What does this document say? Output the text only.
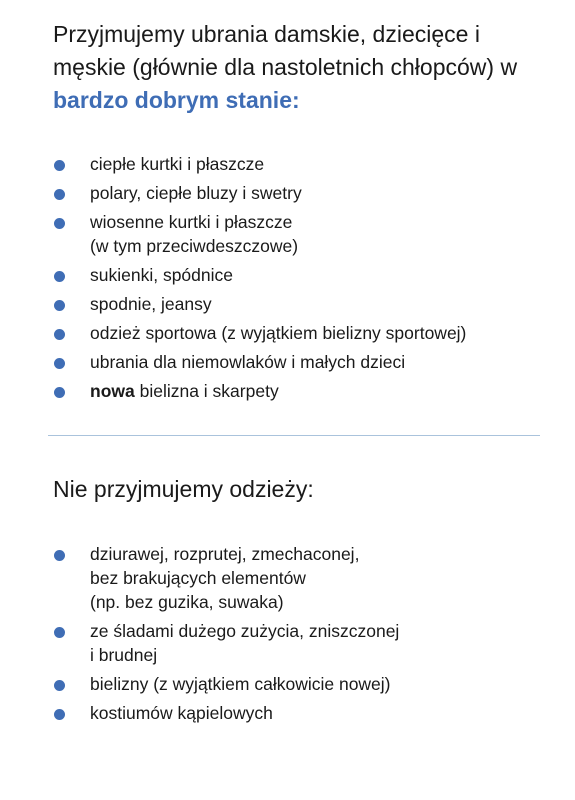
Przyjmujemy ubrania damskie, dziecięce i męskie (głównie dla nastoletnich chłopców) w bardzo dobrym stanie:
ciepłe kurtki i płaszcze
polary, ciepłe bluzy i swetry
wiosenne kurtki i płaszcze
(w tym przeciwdeszczowe)
sukienki, spódnice
spodnie, jeansy
odzież sportowa (z wyjątkiem bielizny sportowej)
ubrania dla niemowlaków i małych dzieci
nowa bielizna i skarpety
Nie przyjmujemy odzieży:
dziurawej, rozprutej, zmechaconej,
bez brakujących elementów
(np. bez guzika, suwaka)
ze śladami dużego zużycia, zniszczonej
i brudnej
bielizny (z wyjątkiem całkowicie nowej)
kostiumów kąpielowych
